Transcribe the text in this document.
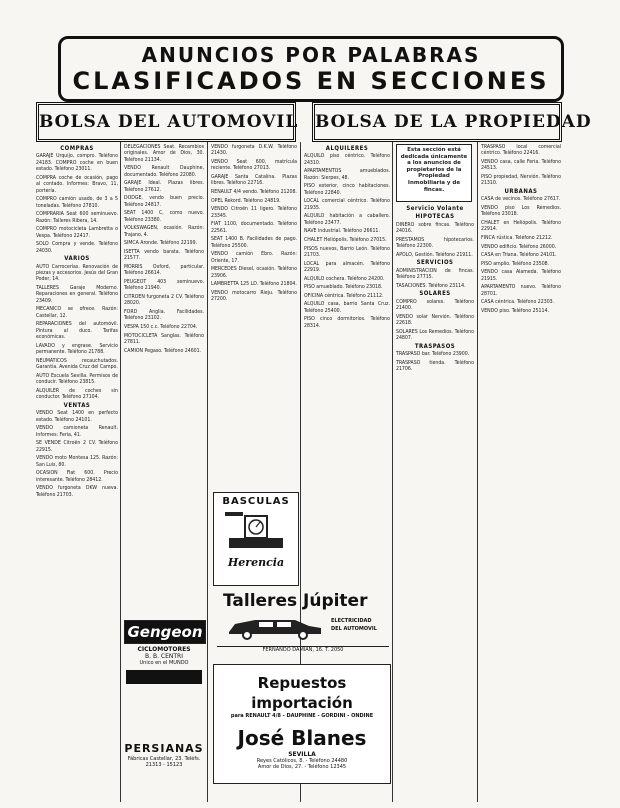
ANUNCIOS POR PALABRAS
CLASIFICADOS EN SECCIONES
BOLSA DEL AUTOMOVIL BOLSA DE LA PROPIEDAD
COMPRAS

GARAJE Urquijo, compro. Teléfono 24183. COMPRO coche en buen estado. Teléfono 23011.

COMPRA coche de ocasión, pago al contado. Informes: Bravo, 11, portería.

COMPRO camión usado, de 3 a 5 toneladas. Teléfono 27810.

COMPRARIA Seat 600 seminuevo. Razón: Talleres Ribera, 14.

COMPRO motocicleta Lambretta o Vespa. Teléfono 22417.

SOLO Compra y vende. Teléfono 24030.

VARIOS

AUTO Carrocerías. Renovación de piezas y accesorios. Jesús del Gran Poder, 14.

TALLERES Garaje Moderno. Reparaciones en general. Teléfono 23409.

MECANICO se ofrece. Razón: Castellar, 12.

REPARACIONES del automóvil. Pintura al duco. Tarifas económicas.

LAVADO y engrase. Servicio permanente. Teléfono 21788.

NEUMATICOS recauchutados. Garantía. Avenida Cruz del Campo.

AUTO Escuela Sevilla. Permisos de conducir. Teléfono 23815.

ALQUILER de coches sin conductor. Teléfono 27104.

VENTAS

VENDO Seat 1400 en perfecto estado. Teléfono 24101.

VENDO camioneta Renault. Informes: Feria, 41.

SE VENDE Citroën 2 CV. Teléfono 22915.

VENDO moto Montesa 125. Razón: San Luis, 80.

OCASION Fiat 600. Precio interesante. Teléfono 28412.

VENDO furgoneta DKW nueva. Teléfono 21703.

DELEGACIONES Seat. Recambios originales. Amor de Dios, 30. Teléfono 21134.

VENDO Renault Dauphine, documentado. Teléfono 22080.

GARAJE Ideal. Plazas libres. Teléfono 27612.

DODGE, vendo buen precio. Teléfono 24817.

SEAT 1400 C, como nuevo. Teléfono 23380.

VOLKSWAGEN, ocasión. Razón: Trajano, 4.

SIMCA Aronde. Teléfono 22199.

ISETTA vendo barata. Teléfono 21577.

MORRIS Oxford, particular. Teléfono 26614.

PEUGEOT 403 seminuevo. Teléfono 21940.

CITROEN furgoneta 2 CV. Teléfono 28020.

FORD Anglia. Facilidades. Teléfono 23102.

VESPA 150 c.c. Teléfono 22704.

MOTOCICLETA Sanglas. Teléfono 27811.

CAMION Pegaso. Teléfono 24601.

Gengeon
CICLOMOTORES
B. B. CENTRI
Unico en el MUNDO
PERSIANAS
Fábricas Castellar, 23. Teléfs. 21313 - 15123

VENDO furgoneta D.K.W. Teléfono 21430.

VENDO Seat 600, matrícula reciente. Teléfono 27013.

GARAJE Santa Catalina. Plazas libres. Teléfono 22716.

RENAULT 4/4 vendo. Teléfono 21208.

OPEL Rekord. Teléfono 24819.

VENDO Citroën 11 ligero. Teléfono 23345.

FIAT 1100, documentado. Teléfono 22561.

SEAT 1400 B. Facilidades de pago. Teléfono 25500.

VENDO camión Ebro. Razón: Oriente, 17.

MERCEDES Diesel, ocasión. Teléfono 23906.

LAMBRETTA 125 LD. Teléfono 21804.

VENDO motocarro Rieju. Teléfono 27200.

BASCULAS
Herencia
Talleres Júpiter
ELECTRICIDAD
DEL AUTOMOVIL
FERNANDO DAMIAN, 16. T. 2050
Repuestos importación
para RENAULT 4/8 - DAUPHINE - GORDINI - ONDINE
José Blanes
SEVILLA
Reyes Católicos, 8. - Teléfono 24480
Amor de Dios, 27. - Teléfono 12345
ALQUILERES

ALQUILO piso céntrico. Teléfono 24310.

APARTAMENTOS amueblados. Razón: Sierpes, 48.

PISO exterior, cinco habitaciones. Teléfono 22840.

LOCAL comercial céntrico. Teléfono 21935.

ALQUILO habitación a caballero. Teléfono 23477.

NAVE industrial. Teléfono 26611.

CHALET Heliópolis. Teléfono 27015.

PISOS nuevos, Barrio León. Teléfono 21703.

LOCAL para almacén. Teléfono 22919.

ALQUILO cochera. Teléfono 24200.

PISO amueblado. Teléfono 23018.

OFICINA céntrica. Teléfono 21112.

ALQUILO casa, barrio Santa Cruz. Teléfono 25400.

PISO cinco dormitorios. Teléfono 28314.

Esta sección está dedicada únicamente a los anuncios de propietarios de la Propiedad Inmobiliaria y de fincas.
Servicio Volante
HIPOTECAS

DINERO sobre fincas. Teléfono 24016.

PRESTAMOS hipotecarios. Teléfono 22300.

APOLO, Gestión. Teléfono 21911.

SERVICIOS

ADMINISTRACION de fincas. Teléfono 27715.

TASACIONES. Teléfono 23114.

SOLARES

COMPRO solares. Teléfono 21400.

VENDO solar Nervión. Teléfono 22618.

SOLARES Los Remedios. Teléfono 24807.

TRASPASOS

TRASPASO bar. Teléfono 23900.

TRASPASO tienda. Teléfono 21706.

TRASPASO local comercial céntrico. Teléfono 22416.

VENDO casa, calle Feria. Teléfono 24513.

PISO propiedad, Nervión. Teléfono 21310.

URBANAS

CASA de vecinos. Teléfono 27617.

VENDO piso Los Remedios. Teléfono 23018.

CHALET en Heliópolis. Teléfono 22914.

FINCA rústica. Teléfono 21212.

VENDO edificio. Teléfono 26000.

CASA en Triana. Teléfono 24101.

PISO amplio. Teléfono 23508.

VENDO casa Alameda. Teléfono 21915.

APARTAMENTO nuevo. Teléfono 28701.

CASA céntrica. Teléfono 22303.

VENDO piso. Teléfono 25114.
